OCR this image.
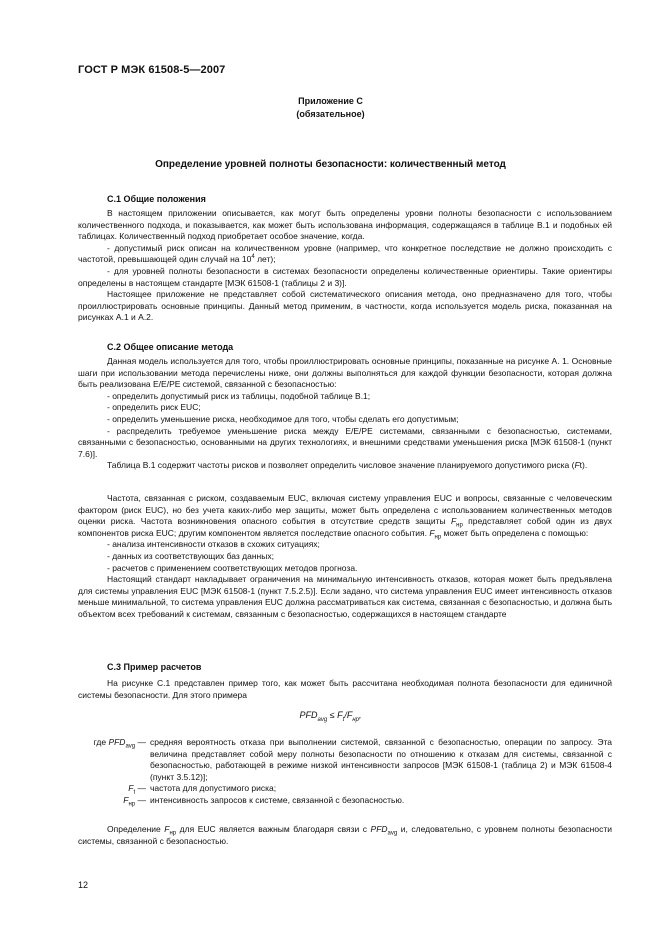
ГОСТ Р МЭК 61508-5—2007
Приложение С
(обязательное)
Определение уровней полноты безопасности: количественный метод
С.1 Общие положения

В настоящем приложении описывается, как могут быть определены уровни полноты безопасности с использованием количественного подхода, и показывается, как может быть использована информация, содержащаяся в таблице В.1 и подобных ей таблицах. Количественный подход приобретает особое значение, когда.

- допустимый риск описан на количественном уровне (например, что конкретное последствие не должно происходить с частотой, превышающей один случай на $10^4$ лет);

- для уровней полноты безопасности в системах безопасности определены количественные ориентиры. Такие ориентиры определены в настоящем стандарте [МЭК 61508-1 (таблицы 2 и 3)].

Настоящее приложение не представляет собой систематического описания метода, оно предназначено для того, чтобы проиллюстрировать основные принципы. Данный метод применим, в частности, когда используется модель риска, показанная на рисунках А.1 и А.2.

С.2 Общее описание метода

Данная модель используется для того, чтобы проиллюстрировать основные принципы, показанные на рисунке А. 1. Основные шаги при использовании метода перечислены ниже, они должны выполняться для каждой функции безопасности, которая должна быть реализована Е/Е/РЕ системой, связанной с безопасностью:

- определить допустимый риск из таблицы, подобной таблице В.1;

- определить риск EUC;

- определить уменьшение риска, необходимое для того, чтобы сделать его допустимым;

- распределить требуемое уменьшение риска между Е/Е/РЕ системами, связанными с безопасностью, системами, связанными с безопасностью, основанными на других технологиях, и внешними средствами уменьшения риска [МЭК 61508-1 (пункт 7.6)].

Таблица В.1 содержит частоты рисков и позволяет определить числовое значение планируемого допустимого риска (Ft).

Частота, связанная с риском, создаваемым EUC, включая систему управления EUC и вопросы, связанные с человеческим фактором (риск EUC), но без учета каких-либо мер защиты, может быть определена с использованием количественных методов оценки риска. Частота возникновения опасного события в отсутствие средств защиты $F_{нр}$ представляет собой один из двух компонентов риска EUC; другим компонентом является последствие опасного события. $F_{нр}$ может быть определена с помощью:

- анализа интенсивности отказов в схожих ситуациях;

- данных из соответствующих баз данных;

- расчетов с применением соответствующих методов прогноза.

Настоящий стандарт накладывает ограничения на минимальную интенсивность отказов, которая может быть предъявлена для системы управления EUC [МЭК 61508-1 (пункт 7.5.2.5)]. Если задано, что система управления EUC имеет интенсивность отказов меньше минимальной, то система управления EUC должна рассматриваться как система, связанная с безопасностью, и должна быть объектом всех требований к системам, связанным с безопасностью, содержащихся в настоящем стандарте

С.3 Пример расчетов

На рисунке С.1 представлен пример того, как может быть рассчитана необходимая полнота безопасности для единичной системы безопасности. Для этого примера

$PFD_{avg} \le F_t/F_{нр}$,
где $PFD_{avg}$ — средняя вероятность отказа при выполнении системой, связанной с безопасностью, операции по запросу. Эта величина представляет собой меру полноты безопасности по отношению к отказам для системы, связанной с безопасностью, работающей в режиме низкой интенсивности запросов [МЭК 61508-1 (таблица 2) и МЭК 61508-4 (пункт 3.5.12)];
$F_t$ — частота для допустимого риска;
$F_{нр}$ — интенсивность запросов к системе, связанной с безопасностью.

Определение $F_{нр}$ для EUC является важным благодаря связи с $PFD_{avg}$ и, следовательно, с уровнем полноты безопасности системы, связанной с безопасностью.

12
